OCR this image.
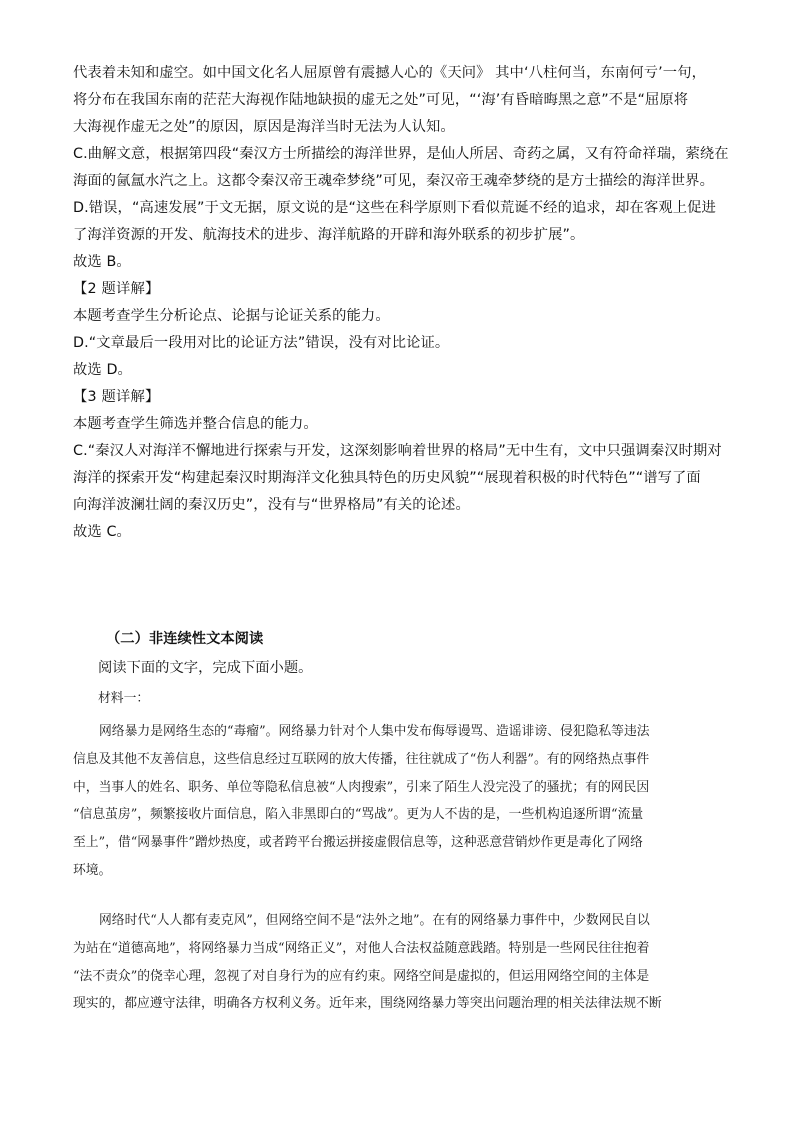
代表着未知和虚空。如中国文化名人屈原曾有震撼人心的《天问》 其中‘八柱何当，东南何亏’一句，

将分布在我国东南的茫茫大海视作陆地缺损的虚无之处”可见，“‘海’有昏暗晦黑之意”不是“屈原将

大海视作虚无之处”的原因，原因是海洋当时无法为人认知。

C.曲解文意，根据第四段“秦汉方士所描绘的海洋世界，是仙人所居、奇药之属，又有符命祥瑞，萦绕在

海面的氤氲水汽之上。这都令秦汉帝王魂牵梦绕”可见，秦汉帝王魂牵梦绕的是方士描绘的海洋世界。

D.错误，“高速发展”于文无据，原文说的是“这些在科学原则下看似荒诞不经的追求，却在客观上促进

了海洋资源的开发、航海技术的进步、海洋航路的开辟和海外联系的初步扩展”。

故选 B。

【2 题详解】

本题考查学生分析论点、论据与论证关系的能力。

D.“文章最后一段用对比的论证方法”错误，没有对比论证。

故选 D。

【3 题详解】

本题考查学生筛选并整合信息的能力。

C.“秦汉人对海洋不懈地进行探索与开发，这深刻影响着世界的格局”无中生有，文中只强调秦汉时期对

海洋的探索开发“构建起秦汉时期海洋文化独具特色的历史风貌”“展现着积极的时代特色”“谱写了面

向海洋波澜壮阔的秦汉历史”，没有与“世界格局”有关的论述。

故选 C。

（二）非连续性文本阅读
阅读下面的文字，完成下面小题。
材料一：

网络暴力是网络生态的“毒瘤”。网络暴力针对个人集中发布侮辱谩骂、造谣诽谤、侵犯隐私等违法

信息及其他不友善信息，这些信息经过互联网的放大传播，往往就成了“伤人利器”。有的网络热点事件

中，当事人的姓名、职务、单位等隐私信息被“人肉搜索”，引来了陌生人没完没了的骚扰；有的网民因

“信息茧房”，频繁接收片面信息，陷入非黑即白的“骂战”。更为人不齿的是，一些机构追逐所谓“流量

至上”，借“网暴事件”蹭炒热度，或者跨平台搬运拼接虚假信息等，这种恶意营销炒作更是毒化了网络

环境。

网络时代“人人都有麦克风”，但网络空间不是“法外之地”。在有的网络暴力事件中，少数网民自以

为站在“道德高地”，将网络暴力当成“网络正义”，对他人合法权益随意践踏。特别是一些网民往往抱着

“法不责众”的侥幸心理，忽视了对自身行为的应有约束。网络空间是虚拟的，但运用网络空间的主体是

现实的，都应遵守法律，明确各方权利义务。近年来，围绕网络暴力等突出问题治理的相关法律法规不断
